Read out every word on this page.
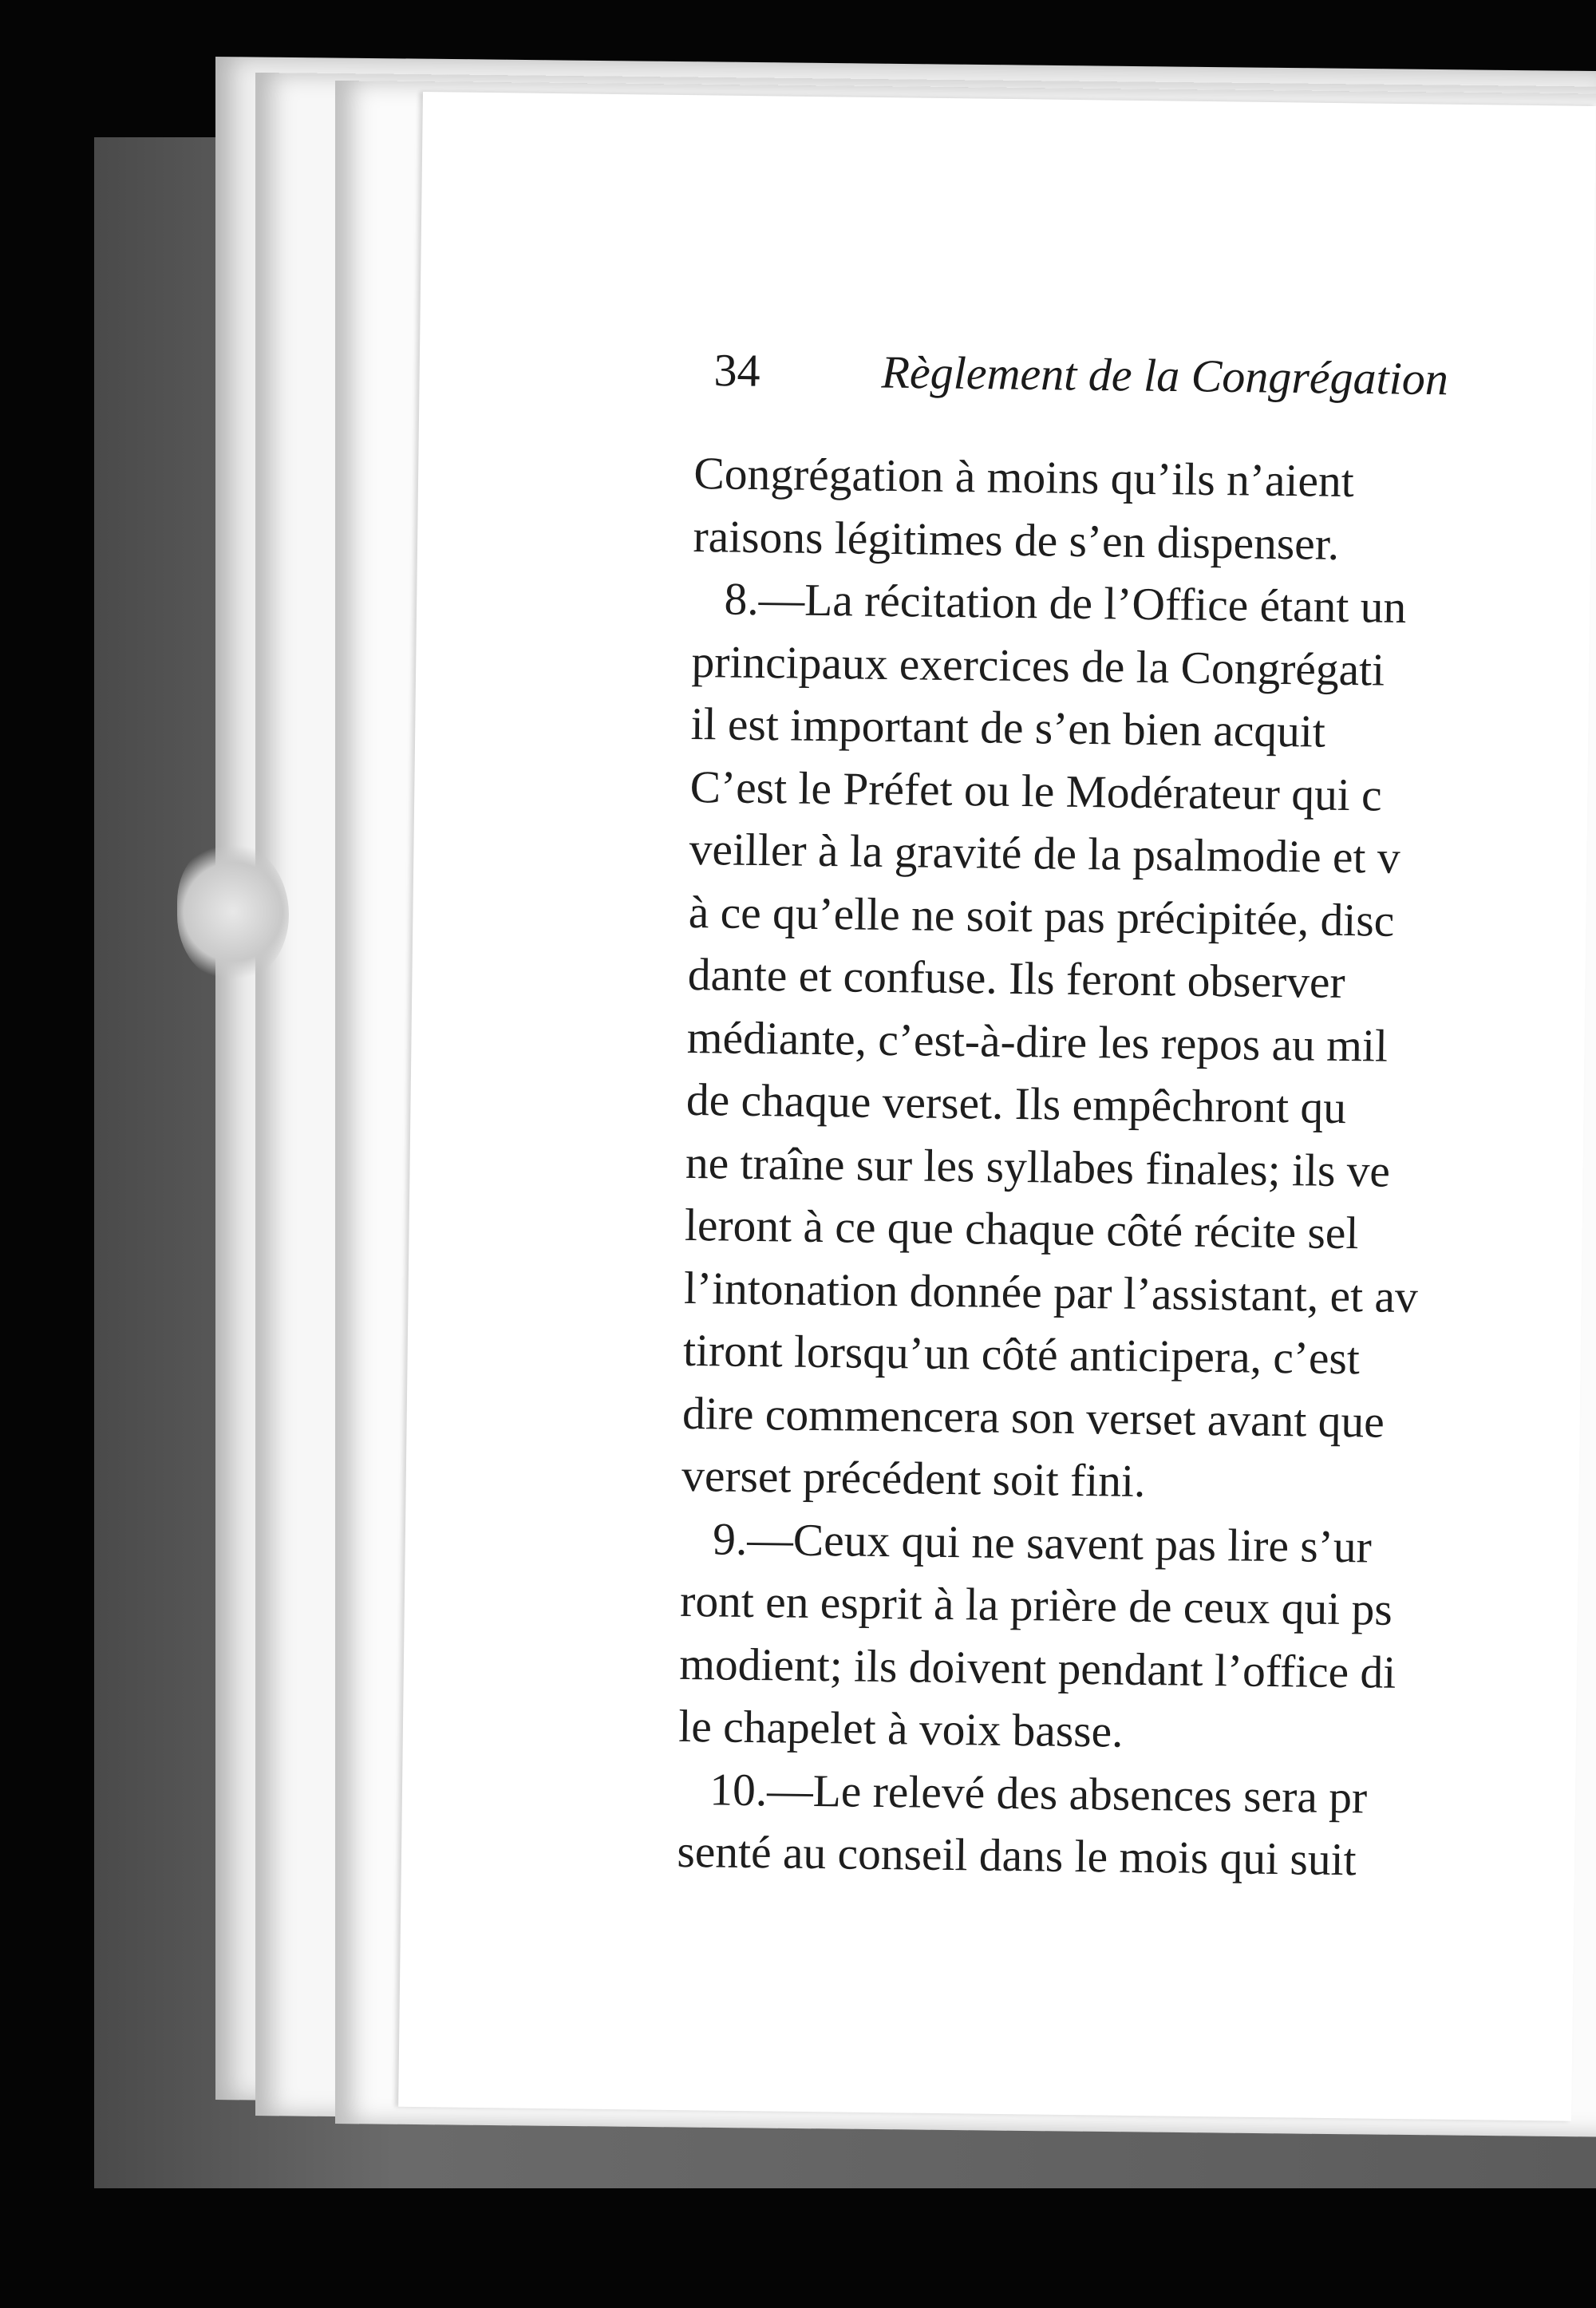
34	Règlement de la Congrégation
Congrégation à moins qu’ils n’aient
raisons légitimes de s’en dispenser.
8.—La récitation de l’Office étant un
principaux exercices de la Congrégati
il est important de s’en bien acquit
C’est le Préfet ou le Modérateur qui c
veiller à la gravité de la psalmodie et v
à ce qu’elle ne soit pas précipitée, disc
dante et confuse. Ils feront observer
médiante, c’est-à-dire les repos au mil
de chaque verset. Ils empêchront qu
ne traîne sur les syllabes finales; ils ve
leront à ce que chaque côté récite sel
l’intonation donnée par l’assistant, et av
tiront lorsqu’un côté anticipera, c’est
dire commencera son verset avant que
verset précédent soit fini.
9.—Ceux qui ne savent pas lire s’ur
ront en esprit à la prière de ceux qui ps
modient; ils doivent pendant l’office di
le chapelet à voix basse.
10.—Le relevé des absences sera pr
senté au conseil dans le mois qui suit
